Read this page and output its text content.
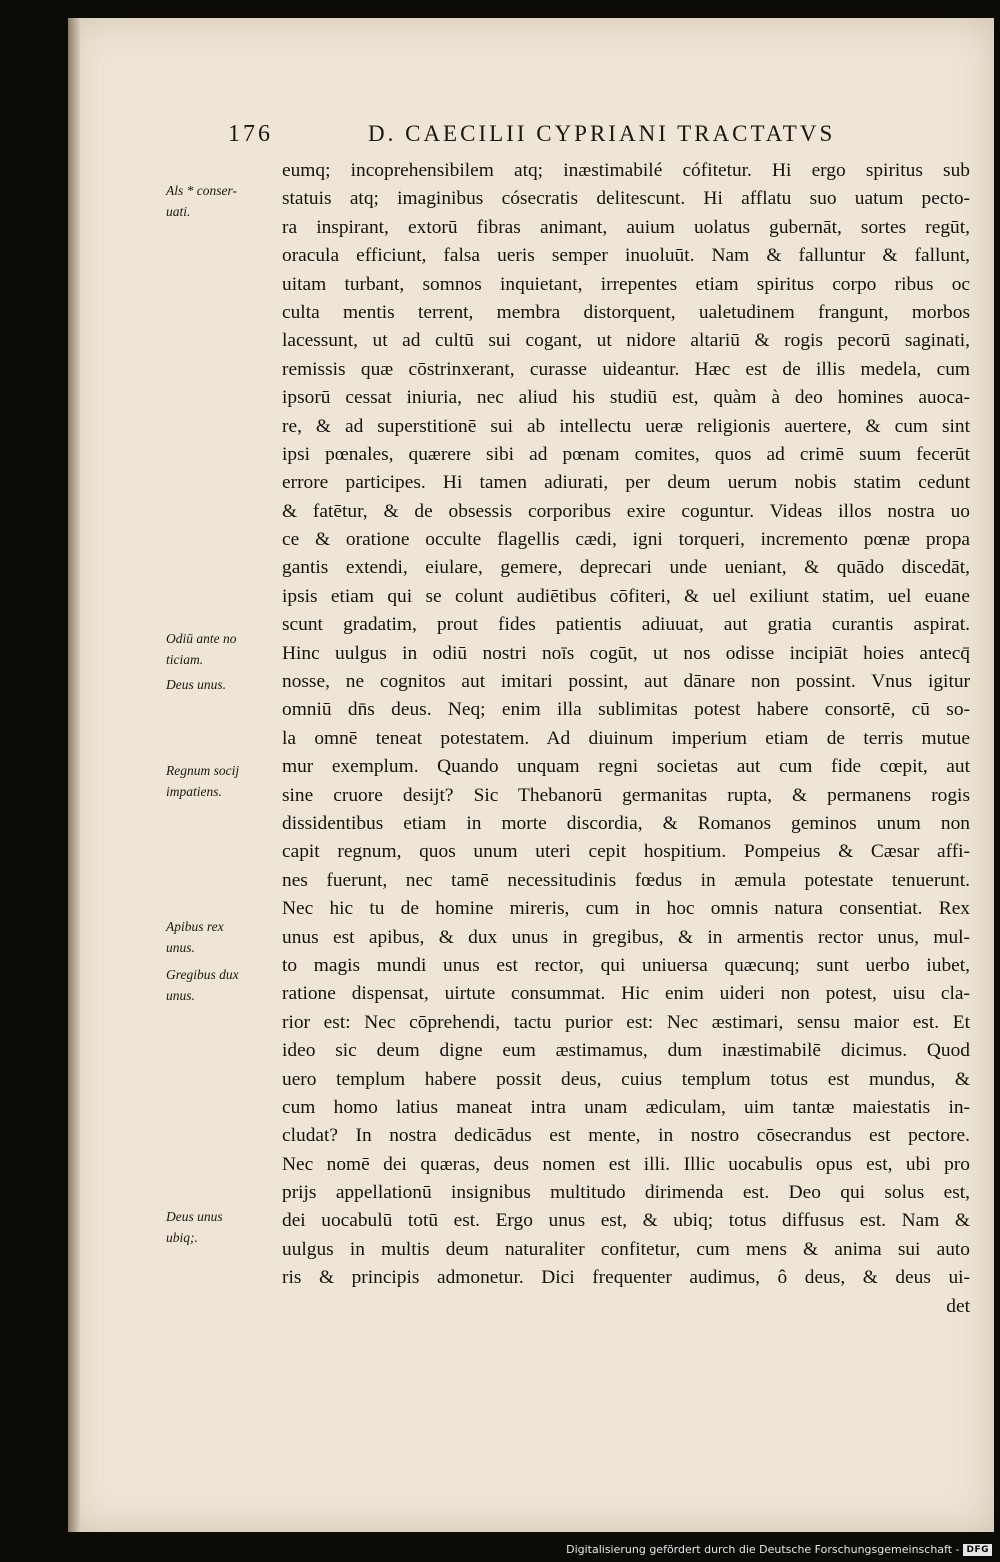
176	D. CAECILII CYPRIANI TRACTATVS
eumq; incoprehensibilem atq; inæstimabilé cófitetur. Hi ergo spiritus sub
statuis atq; imaginibus cósecratis delitescunt. Hi afflatu suo uatum pecto-
ra inspirant, extorū fibras animant, auium uolatus gubernāt, sortes regūt,
oracula efficiunt, falsa ueris semper inuoluūt. Nam & falluntur & fallunt,
uitam turbant, somnos inquietant, irrepentes etiam spiritus corpo ribus oc
culta mentis terrent, membra distorquent, ualetudinem frangunt, morbos
lacessunt, ut ad cultū sui cogant, ut nidore altariū & rogis pecorū saginati,
remissis quæ cōstrinxerant, curasse uideantur. Hæc est de illis medela, cum
ipsorū cessat iniuria, nec aliud his studiū est, quàm à deo homines auoca-
re, & ad superstitionē sui ab intellectu ueræ religionis auertere, & cum sint
ipsi pœnales, quærere sibi ad pœnam comites, quos ad crimē suum fecerūt
errore participes. Hi tamen adiurati, per deum uerum nobis statim cedunt
& fatētur, & de obsessis corporibus exire coguntur. Videas illos nostra uo
ce & oratione occulte flagellis cædi, igni torqueri, incremento pœnæ propa
gantis extendi, eiulare, gemere, deprecari unde ueniant, & quādo discedāt,
ipsis etiam qui se colunt audiētibus cōfiteri, & uel exiliunt statim, uel euane
scunt gradatim, prout fides patientis adiuuat, aut gratia curantis aspirat.
Hinc uulgus in odiū nostri noīs cogūt, ut nos odisse incipiāt hoies antecq̄
nosse, ne cognitos aut imitari possint, aut dānare non possint. Vnus igitur
omniū dn̄s deus. Neq; enim illa sublimitas potest habere consortē, cū so-
la omnē teneat potestatem. Ad diuinum imperium etiam de terris mutue
mur exemplum. Quando unquam regni societas aut cum fide cœpit, aut
sine cruore desijt? Sic Thebanorū germanitas rupta, & permanens rogis
dissidentibus etiam in morte discordia, & Romanos geminos unum non
capit regnum, quos unum uteri cepit hospitium. Pompeius & Cæsar affi-
nes fuerunt, nec tamē necessitudinis fœdus in æmula potestate tenuerunt.
Nec hic tu de homine mireris, cum in hoc omnis natura consentiat. Rex
unus est apibus, & dux unus in gregibus, & in armentis rector unus, mul-
to magis mundi unus est rector, qui uniuersa quæcunq; sunt uerbo iubet,
ratione dispensat, uirtute consummat. Hic enim uideri non potest, uisu cla-
rior est: Nec cōprehendi, tactu purior est: Nec æstimari, sensu maior est. Et
ideo sic deum digne eum æstimamus, dum inæstimabilē dicimus. Quod
uero templum habere possit deus, cuius templum totus est mundus, &
cum homo latius maneat intra unam ædiculam, uim tantæ maiestatis in-
cludat? In nostra dedicādus est mente, in nostro cōsecrandus est pectore.
Nec nomē dei quæras, deus nomen est illi. Illic uocabulis opus est, ubi pro
prijs appellationū insignibus multitudo dirimenda est. Deo qui solus est,
dei uocabulū totū est. Ergo unus est, & ubiq; totus diffusus est. Nam &
uulgus in multis deum naturaliter confitetur, cum mens & anima sui auto
ris & principis admonetur. Dici frequenter audimus, ô deus, & deus ui-
det
Als * conser-
uati.
Odiū ante no
ticiam.
Deus unus.
Regnum socij
impatiens.
Apibus rex
unus.
Gregibus dux
unus.
Deus unus
ubiq;.
Digitalisierung gefördert durch die Deutsche Forschungsgemeinschaft - DFG
